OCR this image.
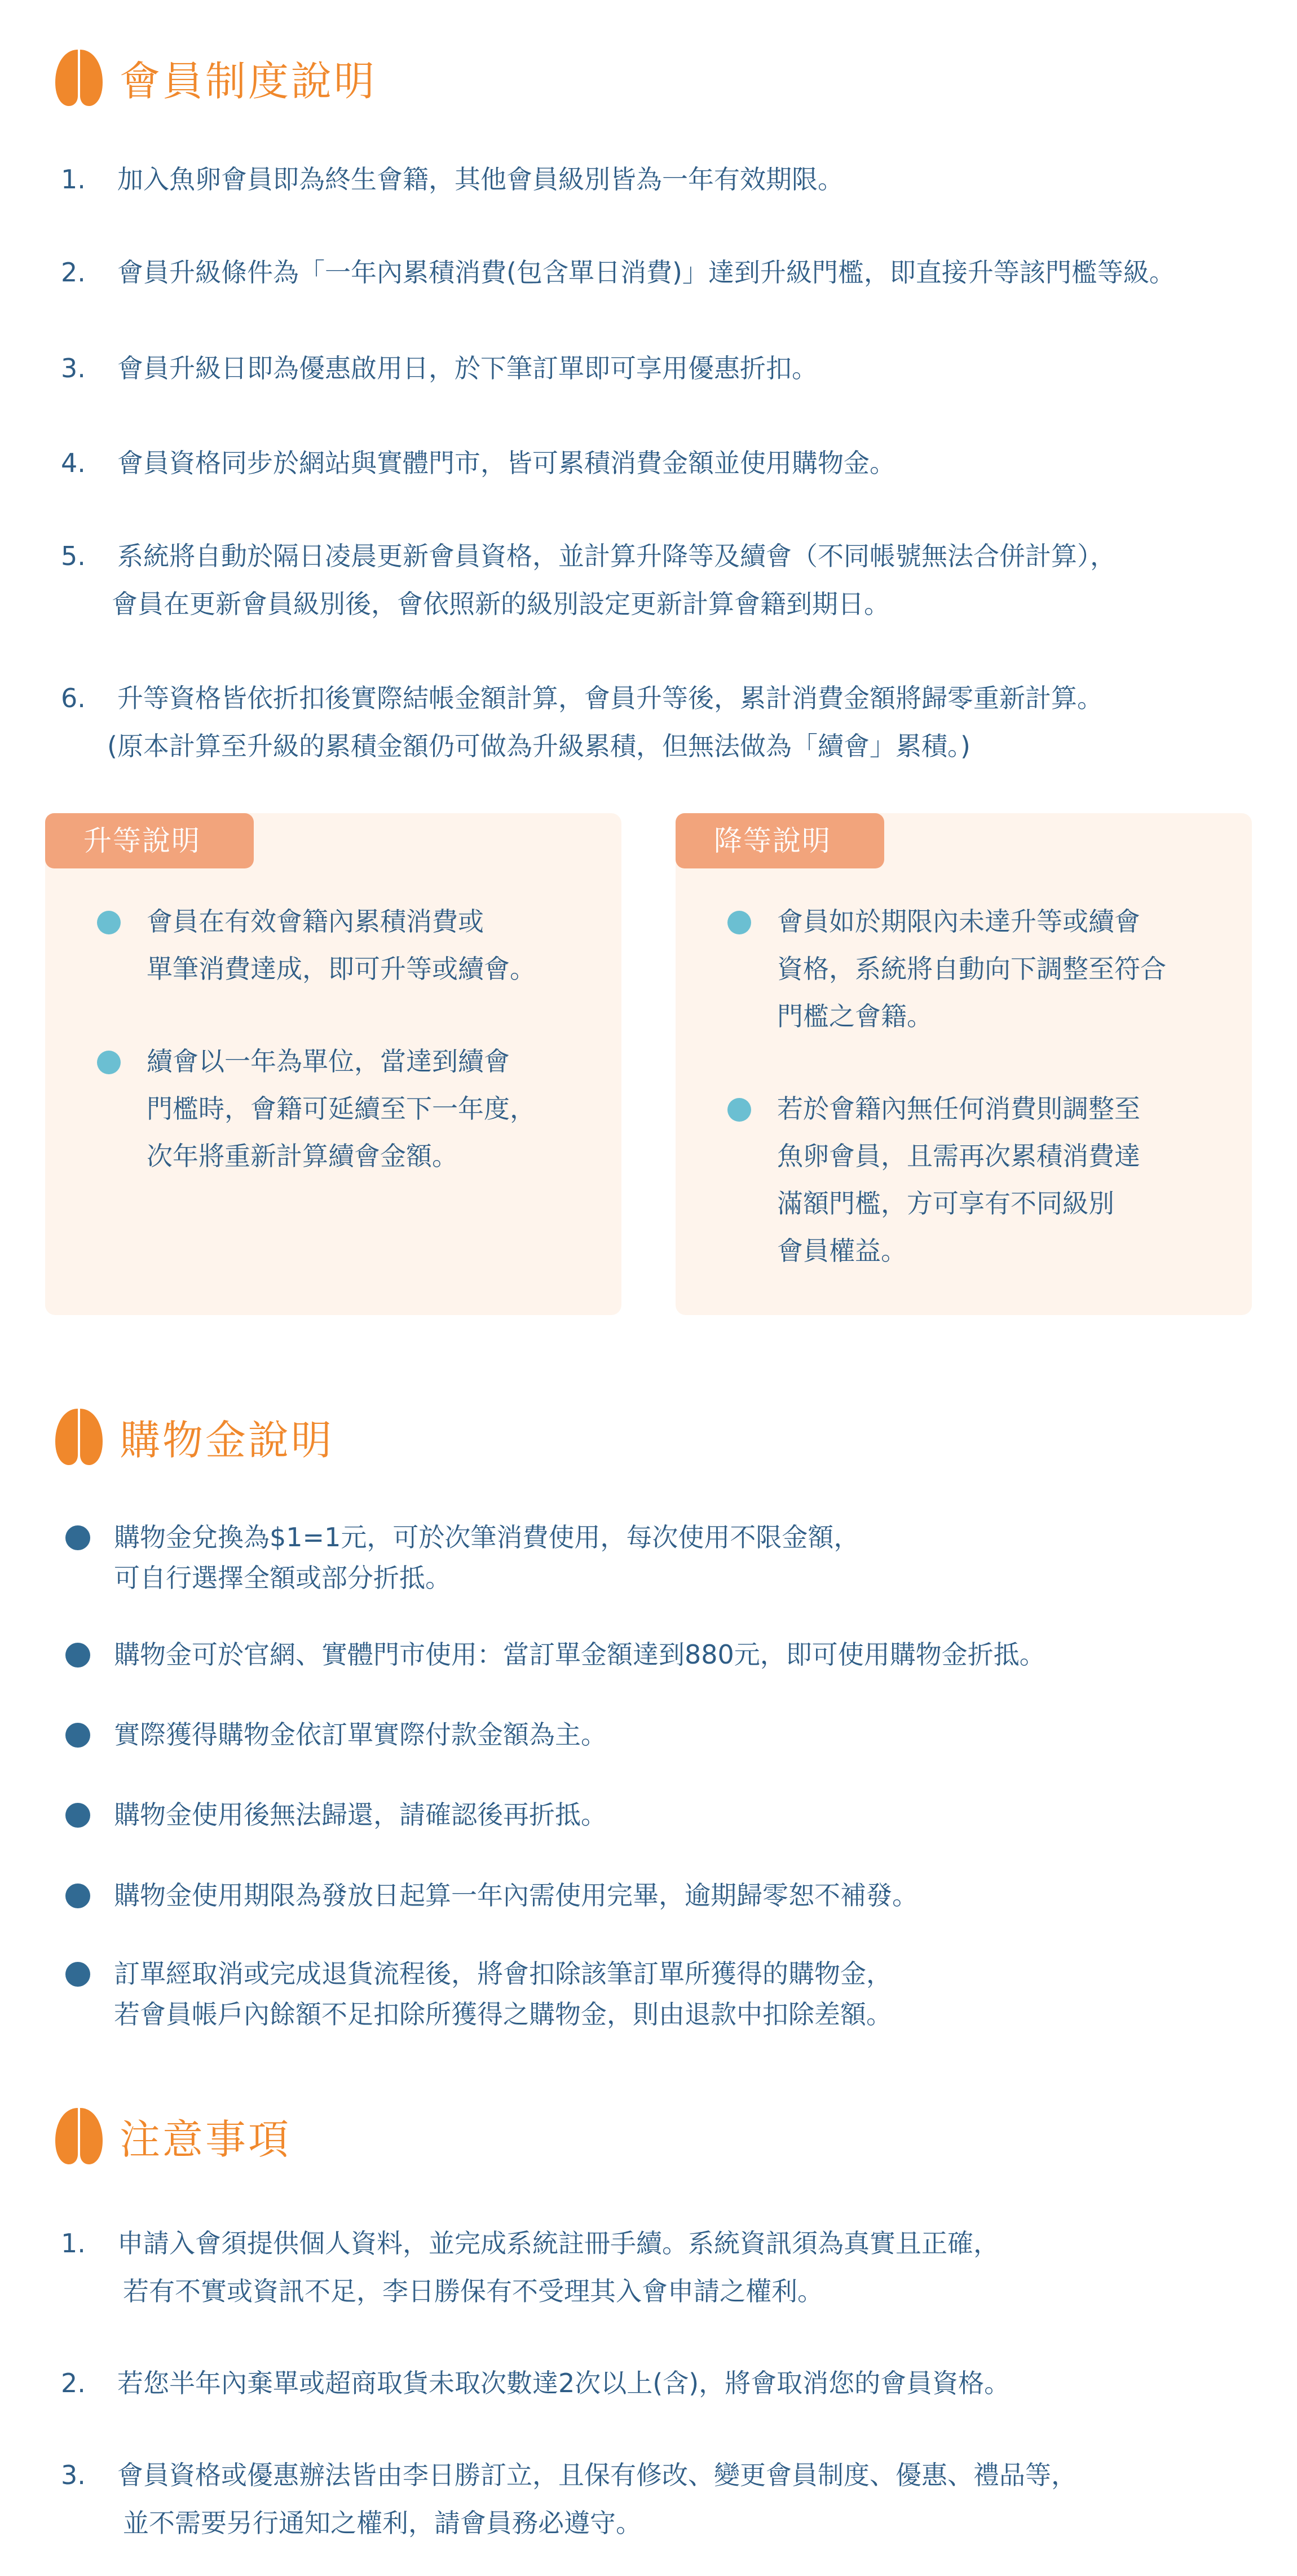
會員制度說明
1.	加入魚卵會員即為終生會籍，其他會員級別皆為一年有效期限。
2.	會員升級條件為「一年內累積消費(包含單日消費)」達到升級門檻，即直接升等該門檻等級。
3.	會員升級日即為優惠啟用日，於下筆訂單即可享用優惠折扣。
4.	會員資格同步於網站與實體門市，皆可累積消費金額並使用購物金。
5.	系統將自動於隔日凌晨更新會員資格，並計算升降等及續會（不同帳號無法合併計算），
會員在更新會員級別後，會依照新的級別設定更新計算會籍到期日。
6.	升等資格皆依折扣後實際結帳金額計算，會員升等後，累計消費金額將歸零重新計算。
(原本計算至升級的累積金額仍可做為升級累積，但無法做為「續會」累積。)
升等說明
會員在有效會籍內累積消費或
單筆消費達成，即可升等或續會。
續會以一年為單位，當達到續會
門檻時，會籍可延續至下一年度，
次年將重新計算續會金額。
降等說明
會員如於期限內未達升等或續會
資格，系統將自動向下調整至符合
門檻之會籍。
若於會籍內無任何消費則調整至
魚卵會員，且需再次累積消費達
滿額門檻，方可享有不同級別
會員權益。
購物金說明
購物金兌換為$1=1元，可於次筆消費使用，每次使用不限金額，
可自行選擇全額或部分折抵。
購物金可於官網、實體門市使用：當訂單金額達到880元，即可使用購物金折抵。
實際獲得購物金依訂單實際付款金額為主。
購物金使用後無法歸還，請確認後再折抵。
購物金使用期限為發放日起算一年內需使用完畢，逾期歸零恕不補發。
訂單經取消或完成退貨流程後，將會扣除該筆訂單所獲得的購物金，
若會員帳戶內餘額不足扣除所獲得之購物金，則由退款中扣除差額。
注意事項
1.	申請入會須提供個人資料，並完成系統註冊手續。系統資訊須為真實且正確，
若有不實或資訊不足，李日勝保有不受理其入會申請之權利。
2.	若您半年內棄單或超商取貨未取次數達2次以上(含)，將會取消您的會員資格。
3.	會員資格或優惠辦法皆由李日勝訂立，且保有修改、變更會員制度、優惠、禮品等，
並不需要另行通知之權利，請會員務必遵守。
